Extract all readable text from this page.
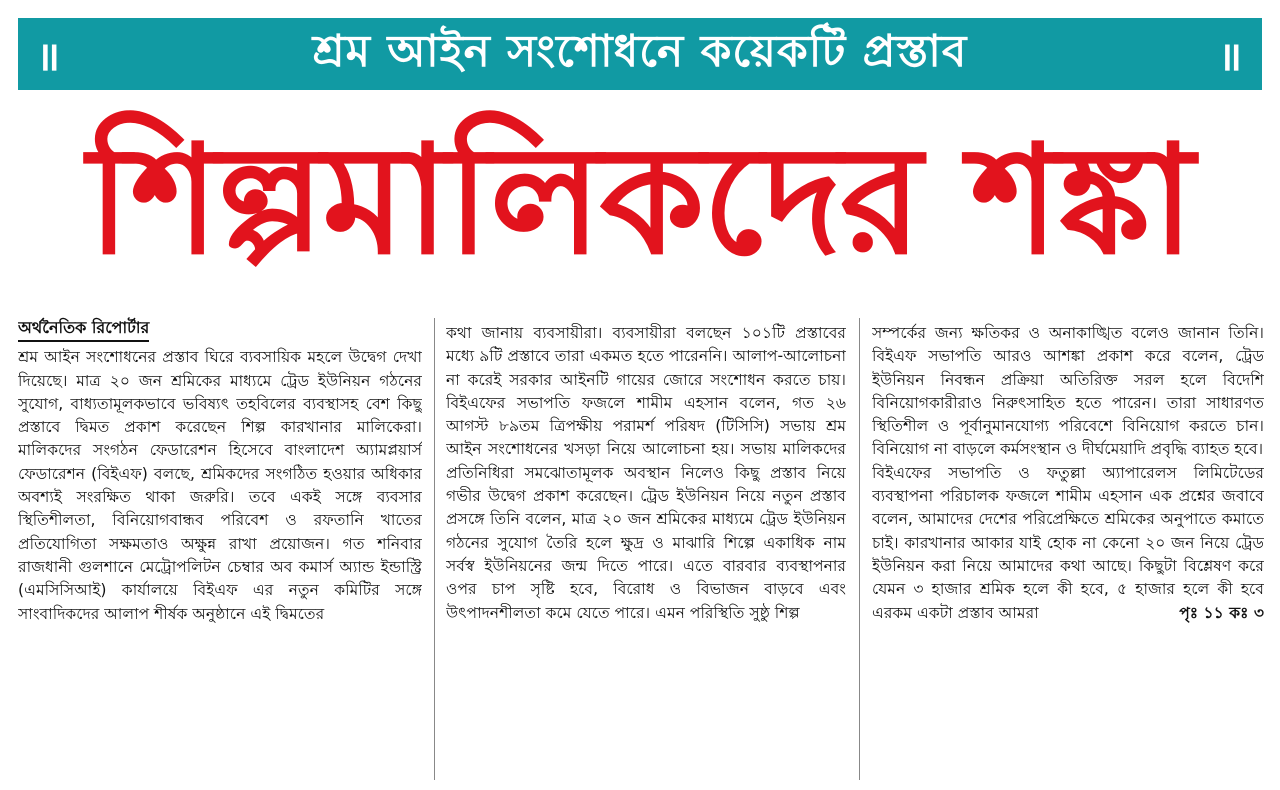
॥	শ্রম আইন সংশোধনে কয়েকটি প্রস্তাব	॥
শিল্পমালিকদের শঙ্কা
অর্থনৈতিক রিপোর্টার

শ্রম আইন সংশোধনের প্রস্তাব ঘিরে ব্যবসায়িক মহলে উদ্বেগ দেখা দিয়েছে। মাত্র ২০ জন শ্রমিকের মাধ্যমে ট্রেড ইউনিয়ন গঠনের সুযোগ, বাধ্যতামূলকভাবে ভবিষ্যৎ তহবিলের ব্যবস্থাসহ বেশ কিছু প্রস্তাবে দ্বিমত প্রকাশ করেছেন শিল্প কারখানার মালিকেরা। মালিকদের সংগঠন ফেডারেশন হিসেবে বাংলাদেশ অ্যামপ্লয়ার্স ফেডারেশন (বিইএফ) বলছে, শ্রমিকদের সংগঠিত হওয়ার অধিকার অবশ্যই সংরক্ষিত থাকা জরুরি। তবে একই সঙ্গে ব্যবসার স্থিতিশীলতা, বিনিয়োগবান্ধব পরিবেশ ও রফতানি খাতের প্রতিযোগিতা সক্ষমতাও অক্ষুন্ন রাখা প্রয়োজন। গত শনিবার রাজধানী গুলশানে মেট্রোপলিটন চেম্বার অব কমার্স অ্যান্ড ইন্ডাস্ট্রি (এমসিসিআই) কার্যালয়ে বিইএফ এর নতুন কমিটির সঙ্গে সাংবাদিকদের আলাপ শীর্ষক অনুষ্ঠানে এই দ্বিমতের

কথা জানায় ব্যবসায়ীরা। ব্যবসায়ীরা বলছেন ১০১টি প্রস্তাবের মধ্যে ৯টি প্রস্তাবে তারা একমত হতে পারেননি। আলাপ-আলোচনা না করেই সরকার আইনটি গায়ের জোরে সংশোধন করতে চায়। বিইএফের সভাপতি ফজলে শামীম এহসান বলেন, গত ২৬ আগস্ট ৮৯তম ত্রিপক্ষীয় পরামর্শ পরিষদ (টিসিসি) সভায় শ্রম আইন সংশোধনের খসড়া নিয়ে আলোচনা হয়। সভায় মালিকদের প্রতিনিধিরা সমঝোতামূলক অবস্থান নিলেও কিছু প্রস্তাব নিয়ে গভীর উদ্বেগ প্রকাশ করেছেন। ট্রেড ইউনিয়ন নিয়ে নতুন প্রস্তাব প্রসঙ্গে তিনি বলেন, মাত্র ২০ জন শ্রমিকের মাধ্যমে ট্রেড ইউনিয়ন গঠনের সুযোগ তৈরি হলে ক্ষুদ্র ও মাঝারি শিল্পে একাধিক নাম সর্বস্ব ইউনিয়নের জন্ম দিতে পারে। এতে বারবার ব্যবস্থাপনার ওপর চাপ সৃষ্টি হবে, বিরোধ ও বিভাজন বাড়বে এবং উৎপাদনশীলতা কমে যেতে পারে। এমন পরিস্থিতি সুষ্ঠু শিল্প

সম্পর্কের জন্য ক্ষতিকর ও অনাকাঙ্খিত বলেও জানান তিনি। বিইএফ সভাপতি আরও আশঙ্কা প্রকাশ করে বলেন, ট্রেড ইউনিয়ন নিবন্ধন প্রক্রিয়া অতিরিক্ত সরল হলে বিদেশি বিনিয়োগকারীরাও নিরুৎসাহিত হতে পারেন। তারা সাধারণত স্থিতিশীল ও পূর্বানুমানযোগ্য পরিবেশে বিনিয়োগ করতে চান। বিনিয়োগ না বাড়লে কর্মসংস্থান ও দীর্ঘমেয়াদি প্রবৃদ্ধি ব্যাহত হবে।

বিইএফের সভাপতি ও ফতুল্লা অ্যাপারেলস লিমিটেডের ব্যবস্থাপনা পরিচালক ফজলে শামীম এহসান এক প্রশ্নের জবাবে বলেন, আমাদের দেশের পরিপ্রেক্ষিতে শ্রমিকের অনুপাতে কমাতে চাই। কারখানার আকার যাই হোক না কেনো ২০ জন নিয়ে ট্রেড ইউনিয়ন করা নিয়ে আমাদের কথা আছে। কিছুটা বিশ্লেষণ করে যেমন ৩ হাজার শ্রমিক হলে কী হবে, ৫ হাজার হলে কী হবে এরকম একটা প্রস্তাব আমরা	পৃঃ ১১ কঃ ৩
